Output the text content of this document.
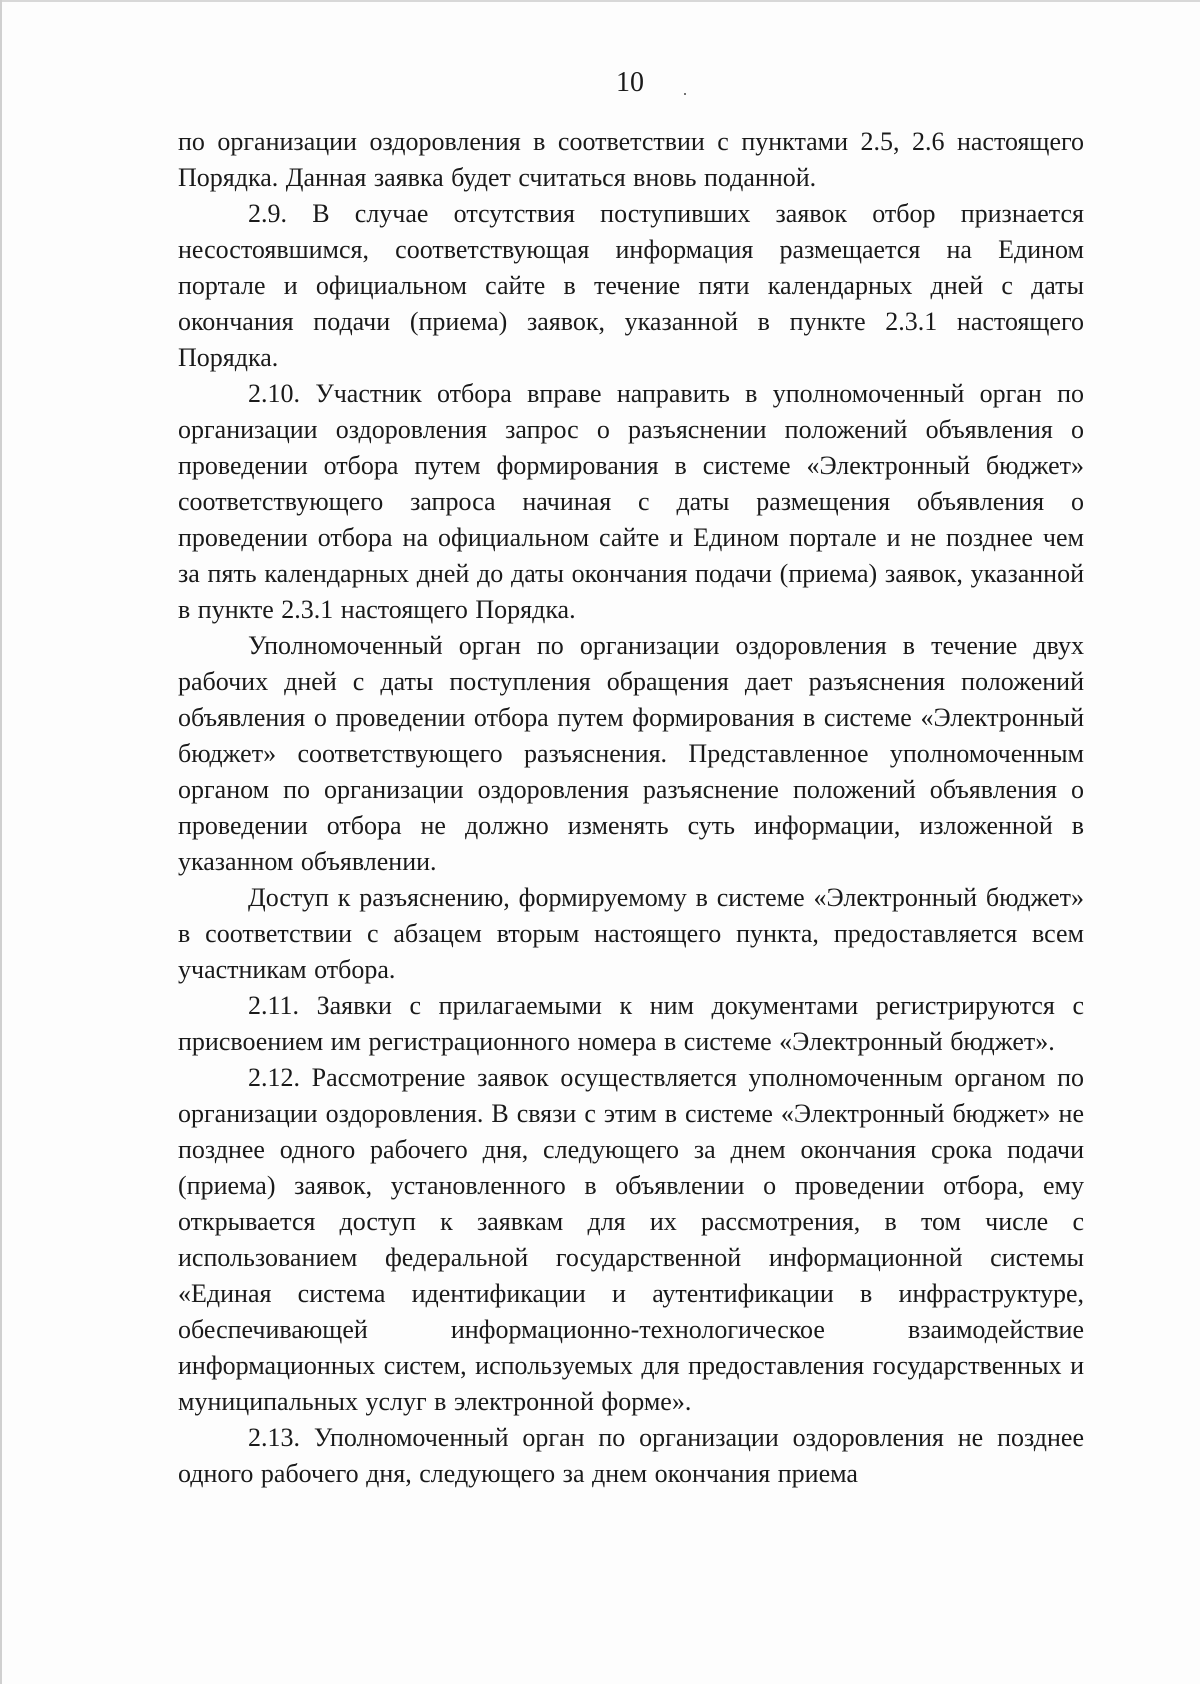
10

по организации оздоровления в соответствии с пунктами 2.5, 2.6 настоящего Порядка. Данная заявка будет считаться вновь поданной.

2.9. В случае отсутствия поступивших заявок отбор признается несостоявшимся, соответствующая информация размещается на Едином портале и официальном сайте в течение пяти календарных дней с даты окончания подачи (приема) заявок, указанной в пункте 2.3.1 настоящего Порядка.

2.10. Участник отбора вправе направить в уполномоченный орган по организации оздоровления запрос о разъяснении положений объявления о проведении отбора путем формирования в системе «Электронный бюджет» соответствующего запроса начиная с даты размещения объявления о проведении отбора на официальном сайте и Едином портале и не позднее чем за пять календарных дней до даты окончания подачи (приема) заявок, указанной в пункте 2.3.1 настоящего Порядка.

Уполномоченный орган по организации оздоровления в течение двух рабочих дней с даты поступления обращения дает разъяснения положений объявления о проведении отбора путем формирования в системе «Электронный бюджет» соответствующего разъяснения. Представленное уполномоченным органом по организации оздоровления разъяснение положений объявления о проведении отбора не должно изменять суть информации, изложенной в указанном объявлении.

Доступ к разъяснению, формируемому в системе «Электронный бюджет» в соответствии с абзацем вторым настоящего пункта, предоставляется всем участникам отбора.

2.11. Заявки с прилагаемыми к ним документами регистрируются с присвоением им регистрационного номера в системе «Электронный бюджет».

2.12. Рассмотрение заявок осуществляется уполномоченным органом по организации оздоровления. В связи с этим в системе «Электронный бюджет» не позднее одного рабочего дня, следующего за днем окончания срока подачи (приема) заявок, установленного в объявлении о проведении отбора, ему открывается доступ к заявкам для их рассмотрения, в том числе с использованием федеральной государственной информационной системы «Единая система идентификации и аутентификации в инфраструктуре, обеспечивающей информационно-технологическое взаимодействие информационных систем, используемых для предоставления государственных и муниципальных услуг в электронной форме».

2.13. Уполномоченный орган по организации оздоровления не позднее одного рабочего дня, следующего за днем окончания приема
